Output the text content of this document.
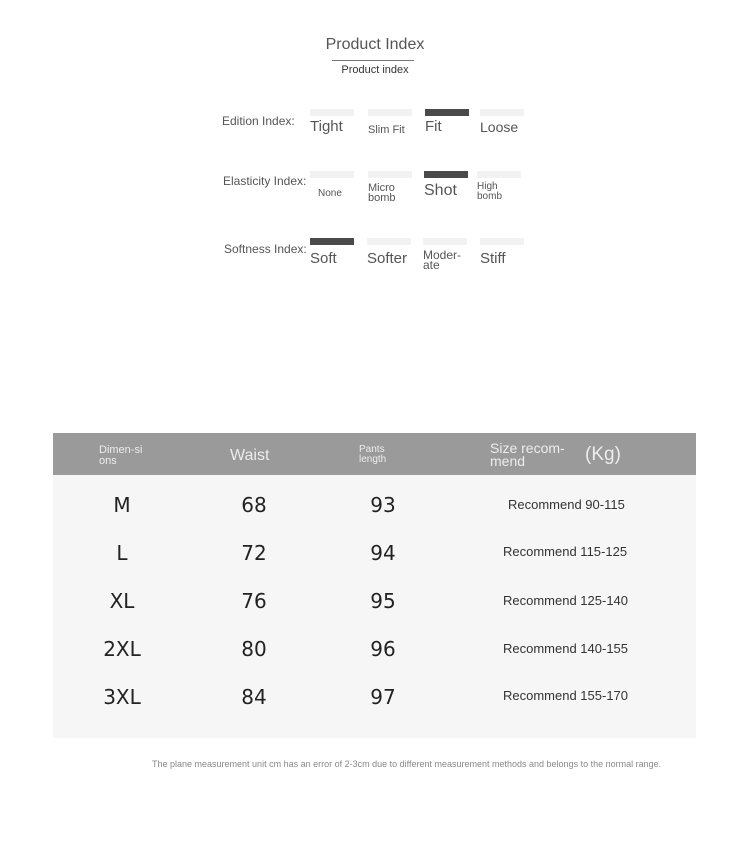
Product Index
Product index
Edition Index: Tight Slim Fit Fit	Loose
Elasticity Index:
None Micro bomb	Shot High bomb
Softness Index:
Soft Softer Moder-ate	Stiff
Dimen-sions	Waist	Pants length
Size recom-mend	(Kg)
M	68	93	Recommend 90-115
L	72	94	Recommend 115-125
XL	76	95	Recommend 125-140
2XL	80	96	Recommend 140-155
3XL	84	97	Recommend 155-170
The plane measurement unit cm has an error of 2-3cm due to different measurement methods and belongs to the normal range.
